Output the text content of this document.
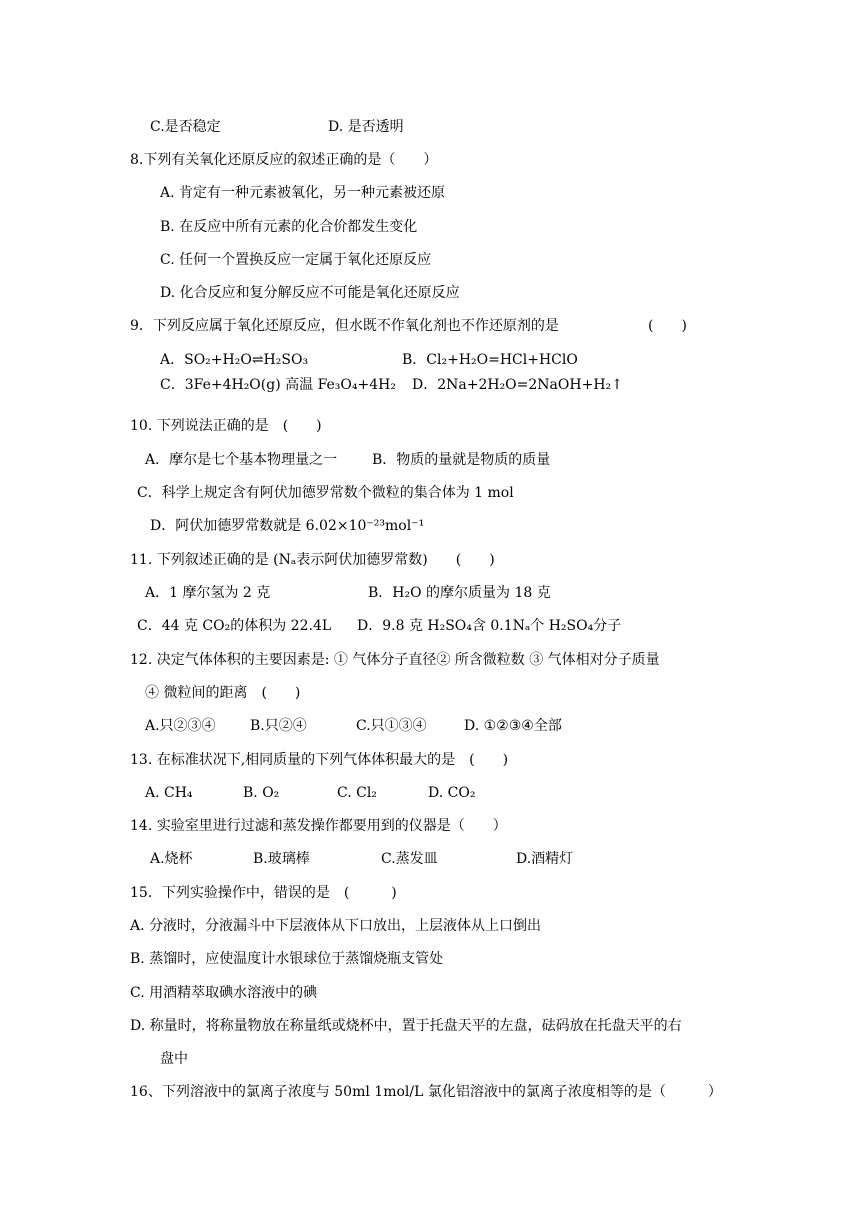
C.是否稳定	D. 是否透明
8.下列有关氧化还原反应的叙述正确的是（　　）
A. 肯定有一种元素被氧化，另一种元素被还原
B. 在反应中所有元素的化合价都发生变化
C. 任何一个置换反应一定属于氧化还原反应
D. 化合反应和复分解反应不可能是氧化还原反应
9．下列反应属于氧化还原反应，但水既不作氧化剂也不作还原剂的是	(　　)
A．SO₂+H₂O⇌H₂SO₃	B．Cl₂+H₂O=HCl+HClO
C．3Fe+4H₂O(g) 高温 Fe₃O₄+4H₂ D．2Na+2H₂O=2NaOH+H₂↑
10. 下列说法正确的是　(　　)
A．摩尔是七个基本物理量之一 B．物质的量就是物质的质量
C．科学上规定含有阿伏加德罗常数个微粒的集合体为 1 mol
D．阿伏加德罗常数就是 6.02×10⁻²³mol⁻¹
11. 下列叙述正确的是 (Nₐ表示阿伏加德罗常数)　　(　　)
A．1 摩尔氢为 2 克	B．H₂O 的摩尔质量为 18 克
C．44 克 CO₂的体积为 22.4L D．9.8 克 H₂SO₄含 0.1Nₐ个 H₂SO₄分子
12. 决定气体体积的主要因素是: ① 气体分子直径② 所含微粒数 ③ 气体相对分子质量
④ 微粒间的距离　(　　)
A.只②③④ B.只②④	C.只①③④	D. ①②③④全部
13. 在标准状况下,相同质量的下列气体体积最大的是　(　　)
A. CH₄	B. O₂	C. Cl₂	D. CO₂
14. 实验室里进行过滤和蒸发操作都要用到的仪器是（　　）
A.烧杯	B.玻璃棒	C.蒸发皿	D.酒精灯
15．下列实验操作中，错误的是　(　　　)
A. 分液时，分液漏斗中下层液体从下口放出，上层液体从上口倒出
B. 蒸馏时，应使温度计水银球位于蒸馏烧瓶支管处
C. 用酒精萃取碘水溶液中的碘
D. 称量时，将称量物放在称量纸或烧杯中，置于托盘天平的左盘，砝码放在托盘天平的右
盘中
16、下列溶液中的氯离子浓度与 50ml 1mol/L 氯化铝溶液中的氯离子浓度相等的是（　　　）
